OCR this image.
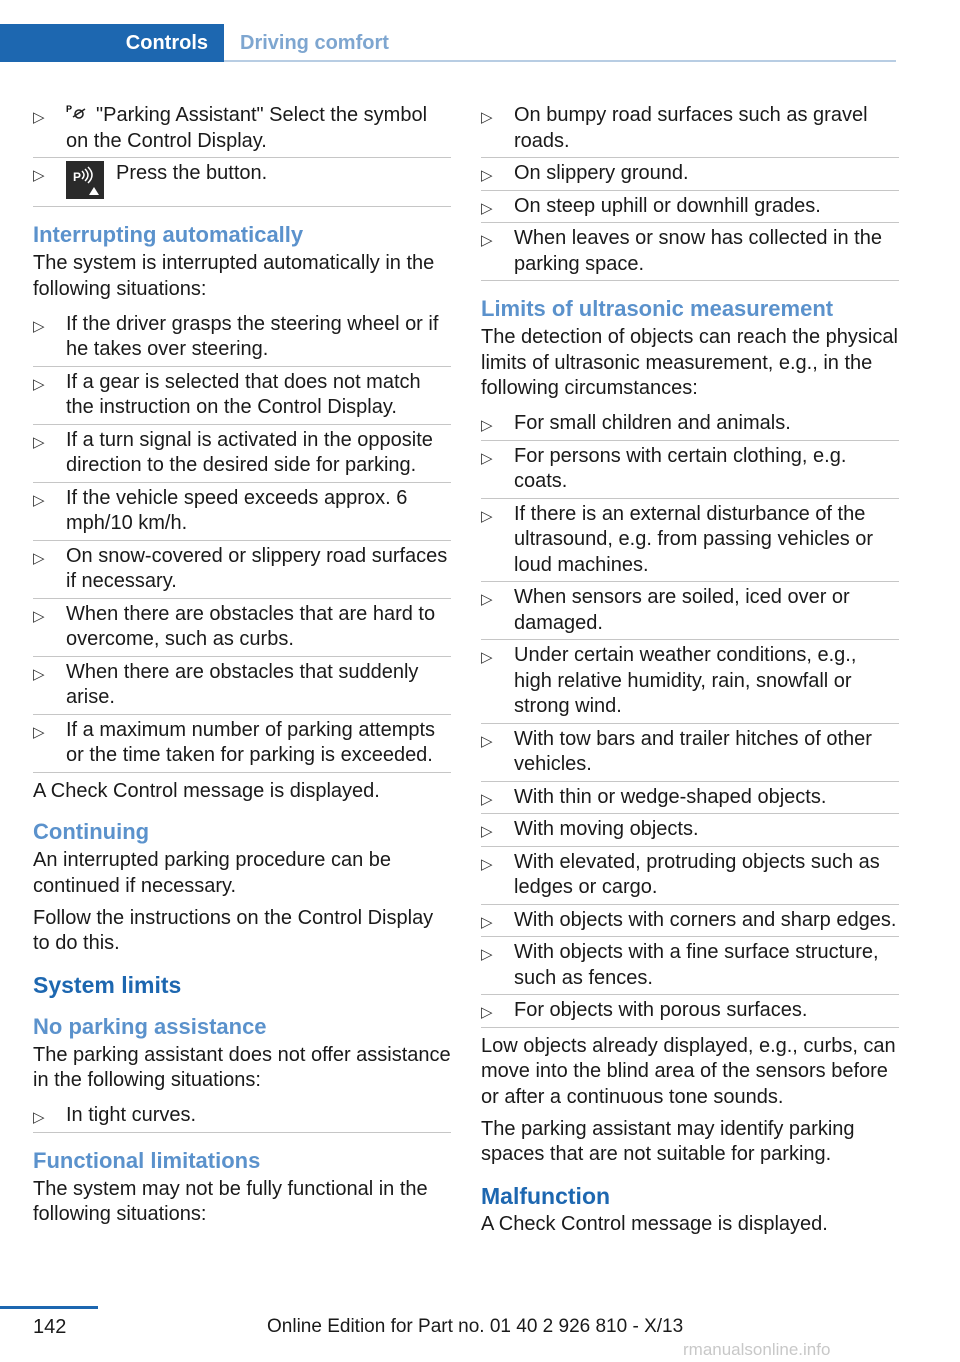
Controls	Driving comfort
▷ P "Parking Assistant" Select the symbol on the Control Display.
▷ P Press the button.
Interrupting automatically

The system is interrupted automatically in the following situations:

▷ If the driver grasps the steering wheel or if he takes over steering.
▷ If a gear is selected that does not match the instruction on the Control Display.
▷ If a turn signal is activated in the opposite direction to the desired side for parking.
▷ If the vehicle speed exceeds approx. 6 mph/10 km/h.
▷ On snow-covered or slippery road surfaces if necessary.
▷ When there are obstacles that are hard to overcome, such as curbs.
▷ When there are obstacles that suddenly arise.
▷ If a maximum number of parking attempts or the time taken for parking is exceeded.

A Check Control message is displayed.

Continuing

An interrupted parking procedure can be continued if necessary.

Follow the instructions on the Control Display to do this.

System limits
No parking assistance

The parking assistant does not offer assistance in the following situations:

▷ In tight curves.
Functional limitations

The system may not be fully functional in the following situations:

▷ On bumpy road surfaces such as gravel roads.
▷ On slippery ground.
▷ On steep uphill or downhill grades.
▷ When leaves or snow has collected in the parking space.
Limits of ultrasonic measurement

The detection of objects can reach the physical limits of ultrasonic measurement, e.g., in the following circumstances:

▷ For small children and animals.
▷ For persons with certain clothing, e.g. coats.
▷ If there is an external disturbance of the ultrasound, e.g. from passing vehicles or loud machines.
▷ When sensors are soiled, iced over or damaged.
▷ Under certain weather conditions, e.g., high relative humidity, rain, snowfall or strong wind.
▷ With tow bars and trailer hitches of other vehicles.
▷ With thin or wedge-shaped objects.
▷ With moving objects.
▷ With elevated, protruding objects such as ledges or cargo.
▷ With objects with corners and sharp edges.
▷ With objects with a fine surface structure, such as fences.
▷ For objects with porous surfaces.

Low objects already displayed, e.g., curbs, can move into the blind area of the sensors before or after a continuous tone sounds.

The parking assistant may identify parking spaces that are not suitable for parking.

Malfunction

A Check Control message is displayed.

142	Online Edition for Part no. 01 40 2 926 810 - X/13
rmanualsonline.info
